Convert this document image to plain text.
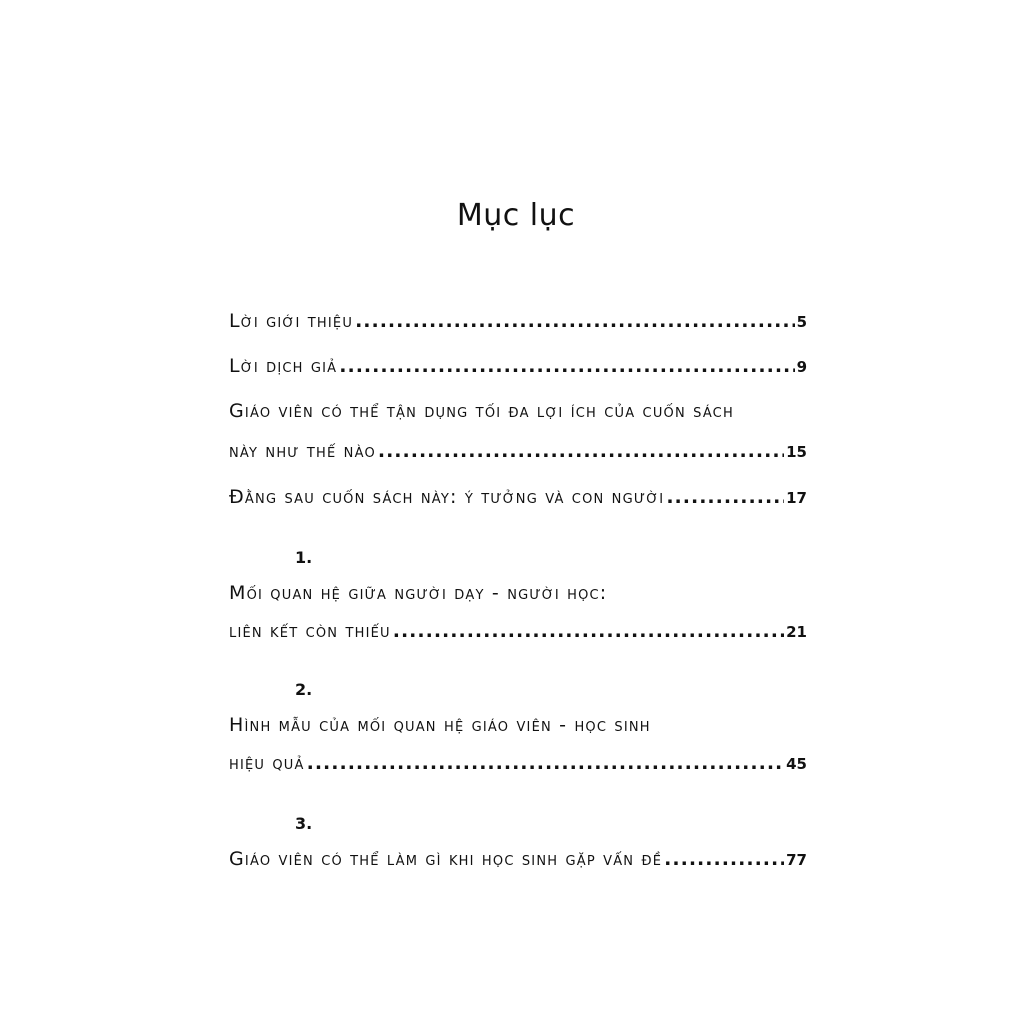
Mục lục
Lời giới thiệu .....	5
Lời dịch giả .....	9
Giáo viên có thể tận dụng tối đa lợi ích của cuốn sách
này như thế nào .....	15
Đằng sau cuốn sách này: ý tưởng và con người .....	17
1.
Mối quan hệ giữa người dạy - người học:
liên kết còn thiếu .....	21
2.
Hình mẫu của mối quan hệ giáo viên - học sinh
hiệu quả .....	45
3.
Giáo viên có thể làm gì khi học sinh gặp vấn đề .....	77
